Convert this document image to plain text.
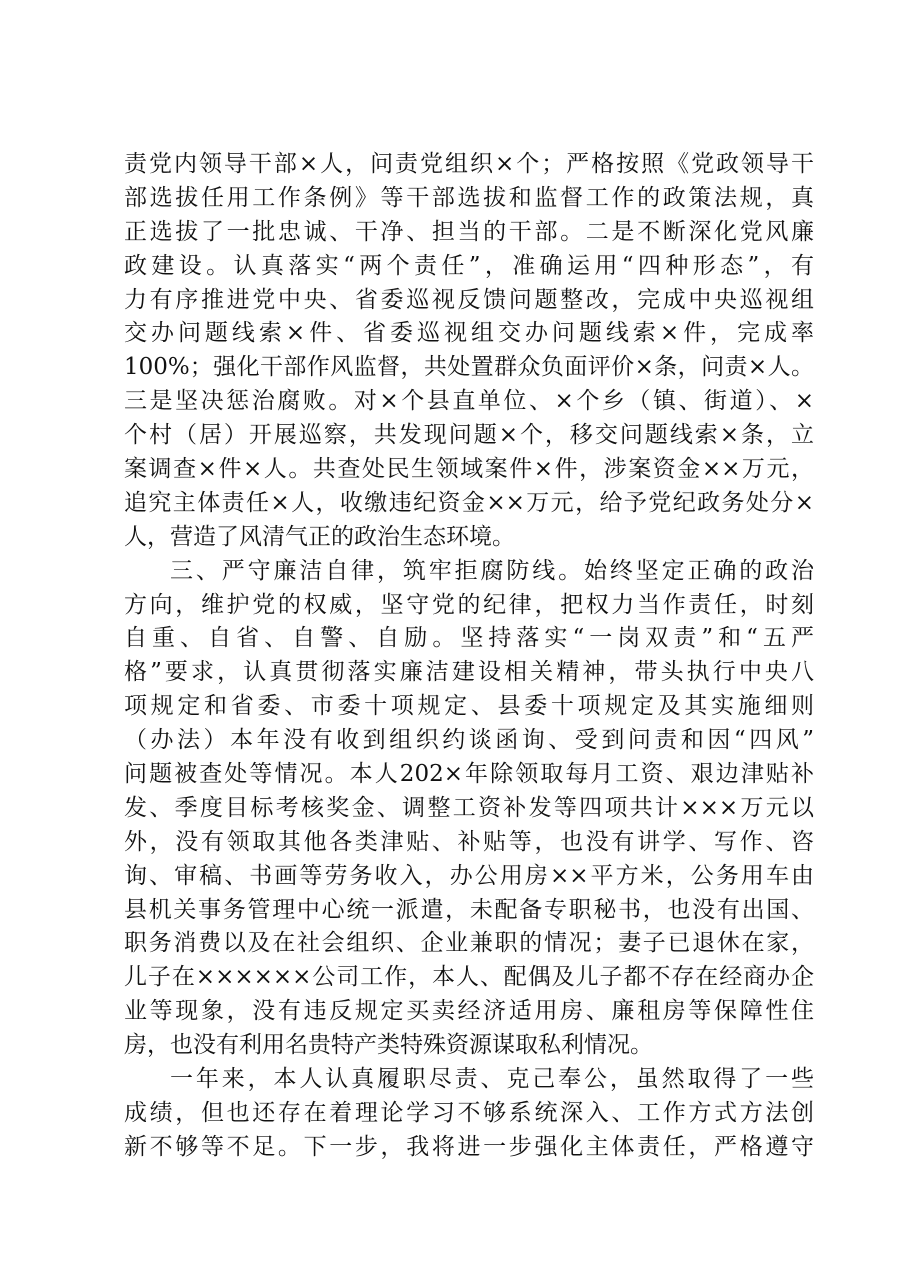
责党内领导干部×人，问责党组织×个；严格按照《党政领导干
部选拔任用工作条例》等干部选拔和监督工作的政策法规，真
正选拔了一批忠诚、干净、担当的干部。二是不断深化党风廉
政建设。认真落实“两个责任”，准确运用“四种形态”，有
力有序推进党中央、省委巡视反馈问题整改，完成中央巡视组
交办问题线索×件、省委巡视组交办问题线索×件，完成率
100%；强化干部作风监督，共处置群众负面评价×条，问责×人。
三是坚决惩治腐败。对×个县直单位、×个乡（镇、街道）、×
个村（居）开展巡察，共发现问题×个，移交问题线索×条，立
案调查×件×人。共查处民生领域案件×件，涉案资金××万元，
追究主体责任×人，收缴违纪资金××万元，给予党纪政务处分×
人，营造了风清气正的政治生态环境。
三、严守廉洁自律，筑牢拒腐防线。始终坚定正确的政治
方向，维护党的权威，坚守党的纪律，把权力当作责任，时刻
自重、自省、自警、自励。坚持落实“一岗双责”和“五严
格”要求，认真贯彻落实廉洁建设相关精神，带头执行中央八
项规定和省委、市委十项规定、县委十项规定及其实施细则
（办法）本年没有收到组织约谈函询、受到问责和因“四风”
问题被查处等情况。本人202×年除领取每月工资、艰边津贴补
发、季度目标考核奖金、调整工资补发等四项共计×××万元以
外，没有领取其他各类津贴、补贴等，也没有讲学、写作、咨
询、审稿、书画等劳务收入，办公用房××平方米，公务用车由
县机关事务管理中心统一派遣，未配备专职秘书，也没有出国、
职务消费以及在社会组织、企业兼职的情况；妻子已退休在家，
儿子在××××××公司工作，本人、配偶及儿子都不存在经商办企
业等现象，没有违反规定买卖经济适用房、廉租房等保障性住
房，也没有利用名贵特产类特殊资源谋取私利情况。
一年来，本人认真履职尽责、克己奉公，虽然取得了一些
成绩，但也还存在着理论学习不够系统深入、工作方式方法创
新不够等不足。下一步，我将进一步强化主体责任，严格遵守
